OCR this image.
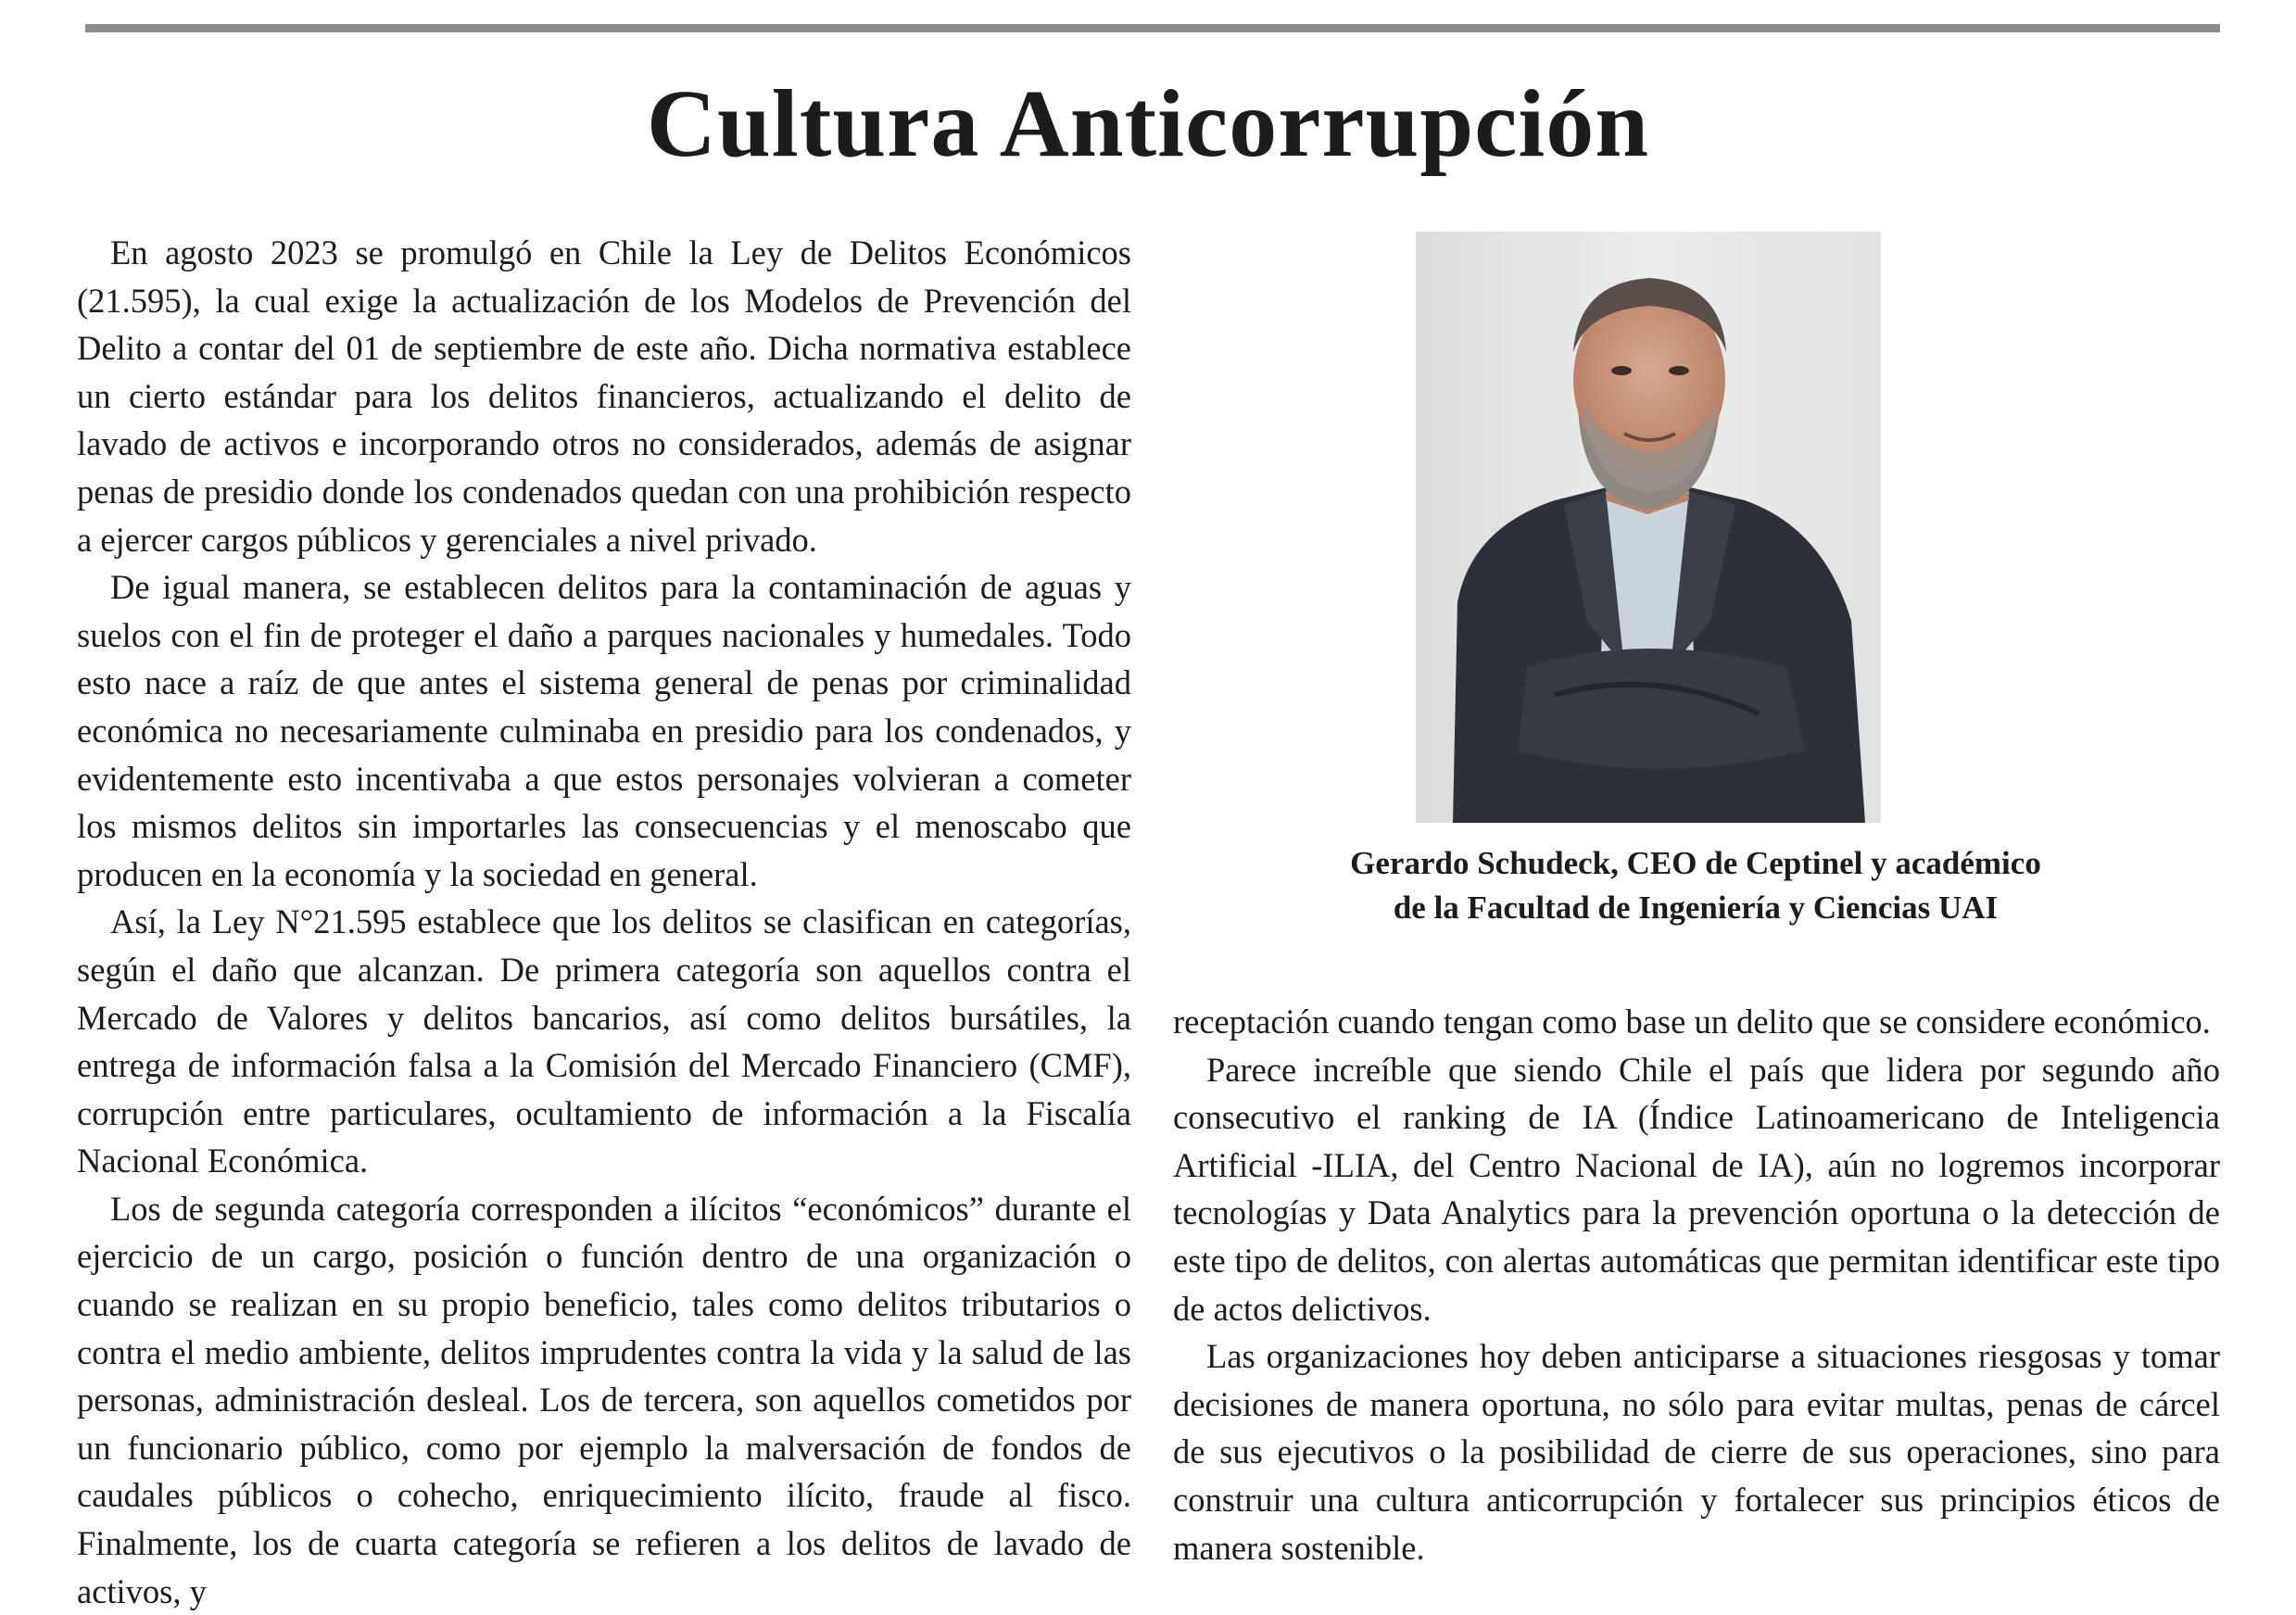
Cultura Anticorrupción

En agosto 2023 se promulgó en Chile la Ley de Delitos Económicos (21.595), la cual exige la actualización de los Modelos de Prevención del Delito a contar del 01 de septiembre de este año. Dicha normativa establece un cierto estándar para los delitos financieros, actualizando el delito de lavado de activos e incorporando otros no considerados, además de asignar penas de presidio donde los condenados quedan con una prohibición respecto a ejercer cargos públicos y gerenciales a nivel privado.

De igual manera, se establecen delitos para la contaminación de aguas y suelos con el fin de proteger el daño a parques nacionales y humedales. Todo esto nace a raíz de que antes el sistema general de penas por criminalidad económica no necesariamente culminaba en presidio para los condenados, y evidentemente esto incentivaba a que estos personajes volvieran a cometer los mismos delitos sin importarles las consecuencias y el menoscabo que producen en la economía y la sociedad en general.

Así, la Ley N°21.595 establece que los delitos se clasifican en categorías, según el daño que alcanzan. De primera categoría son aquellos contra el Mercado de Valores y delitos bancarios, así como delitos bursátiles, la entrega de información falsa a la Comisión del Mercado Financiero (CMF), corrupción entre particulares, ocultamiento de información a la Fiscalía Nacional Económica.

Los de segunda categoría corresponden a ilícitos “económicos” durante el ejercicio de un cargo, posición o función dentro de una organización o cuando se realizan en su propio beneficio, tales como delitos tributarios o contra el medio ambiente, delitos imprudentes contra la vida y la salud de las personas, administración desleal. Los de tercera, son aquellos cometidos por un funcionario público, como por ejemplo la malversación de fondos de caudales públicos o cohecho, enriquecimiento ilícito, fraude al fisco. Finalmente, los de cuarta categoría se refieren a los delitos de lavado de activos, y

Gerardo Schudeck, CEO de Ceptinel y académico
de la Facultad de Ingeniería y Ciencias UAI

receptación cuando tengan como base un delito que se considere económico.

Parece increíble que siendo Chile el país que lidera por segundo año consecutivo el ranking de IA (Índice Latinoamericano de Inteligencia Artificial -ILIA, del Centro Nacional de IA), aún no logremos incorporar tecnologías y Data Analytics para la prevención oportuna o la detección de este tipo de delitos, con alertas automáticas que permitan identificar este tipo de actos delictivos.

Las organizaciones hoy deben anticiparse a situaciones riesgosas y tomar decisiones de manera oportuna, no sólo para evitar multas, penas de cárcel de sus ejecutivos o la posibilidad de cierre de sus operaciones, sino para construir una cultura anticorrupción y fortalecer sus principios éticos de manera sostenible.
